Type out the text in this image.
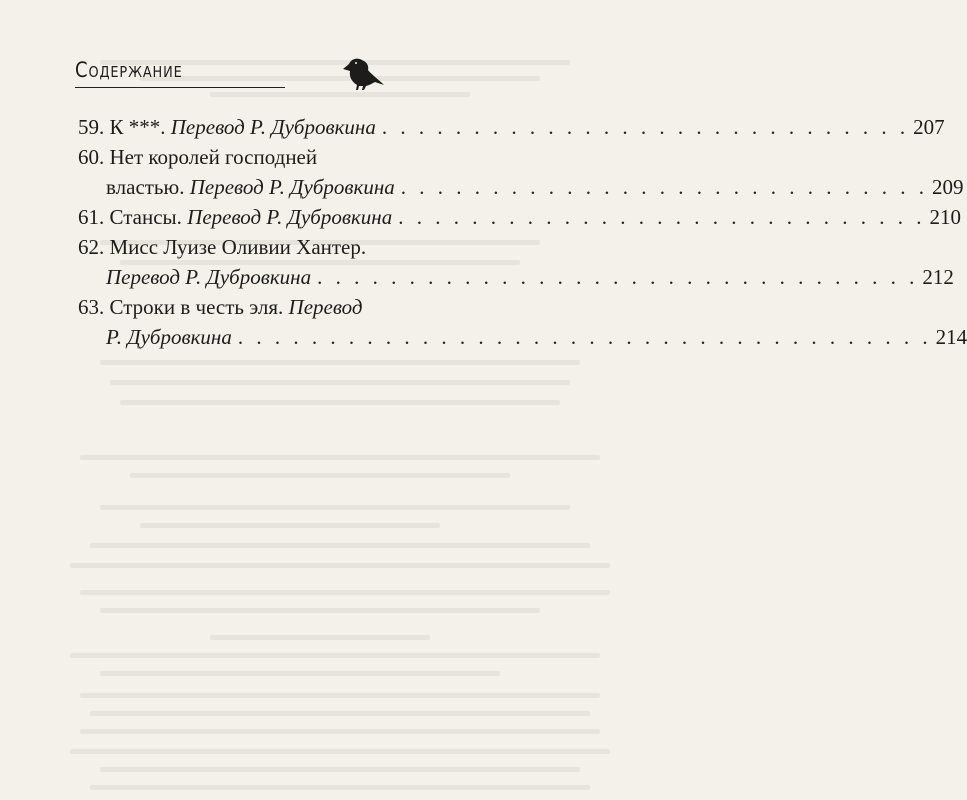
Содержание
59.
К ***.
Перевод Р. Дубровкина . . . . . . . . . . . . . . . . . . . . . . . . . . . . . 207
60.
Нет королей господней
властью.
Перевод Р. Дубровкина . . . . . . . . . . . . . . . . . . . . . . . . . . . . . 209
61.
Стансы.
Перевод Р. Дубровкина . . . . . . . . . . . . . . . . . . . . . . . . . . . . . 210
62.
Мисс Луизе Оливии Хантер.
Перевод Р. Дубровкина . . . . . . . . . . . . . . . . . . . . . . . . . . . . . . . . . 212
63.
Строки в честь эля.
Перевод
Р. Дубровкина . . . . . . . . . . . . . . . . . . . . . . . . . . . . . . . . . . . . . . 214
